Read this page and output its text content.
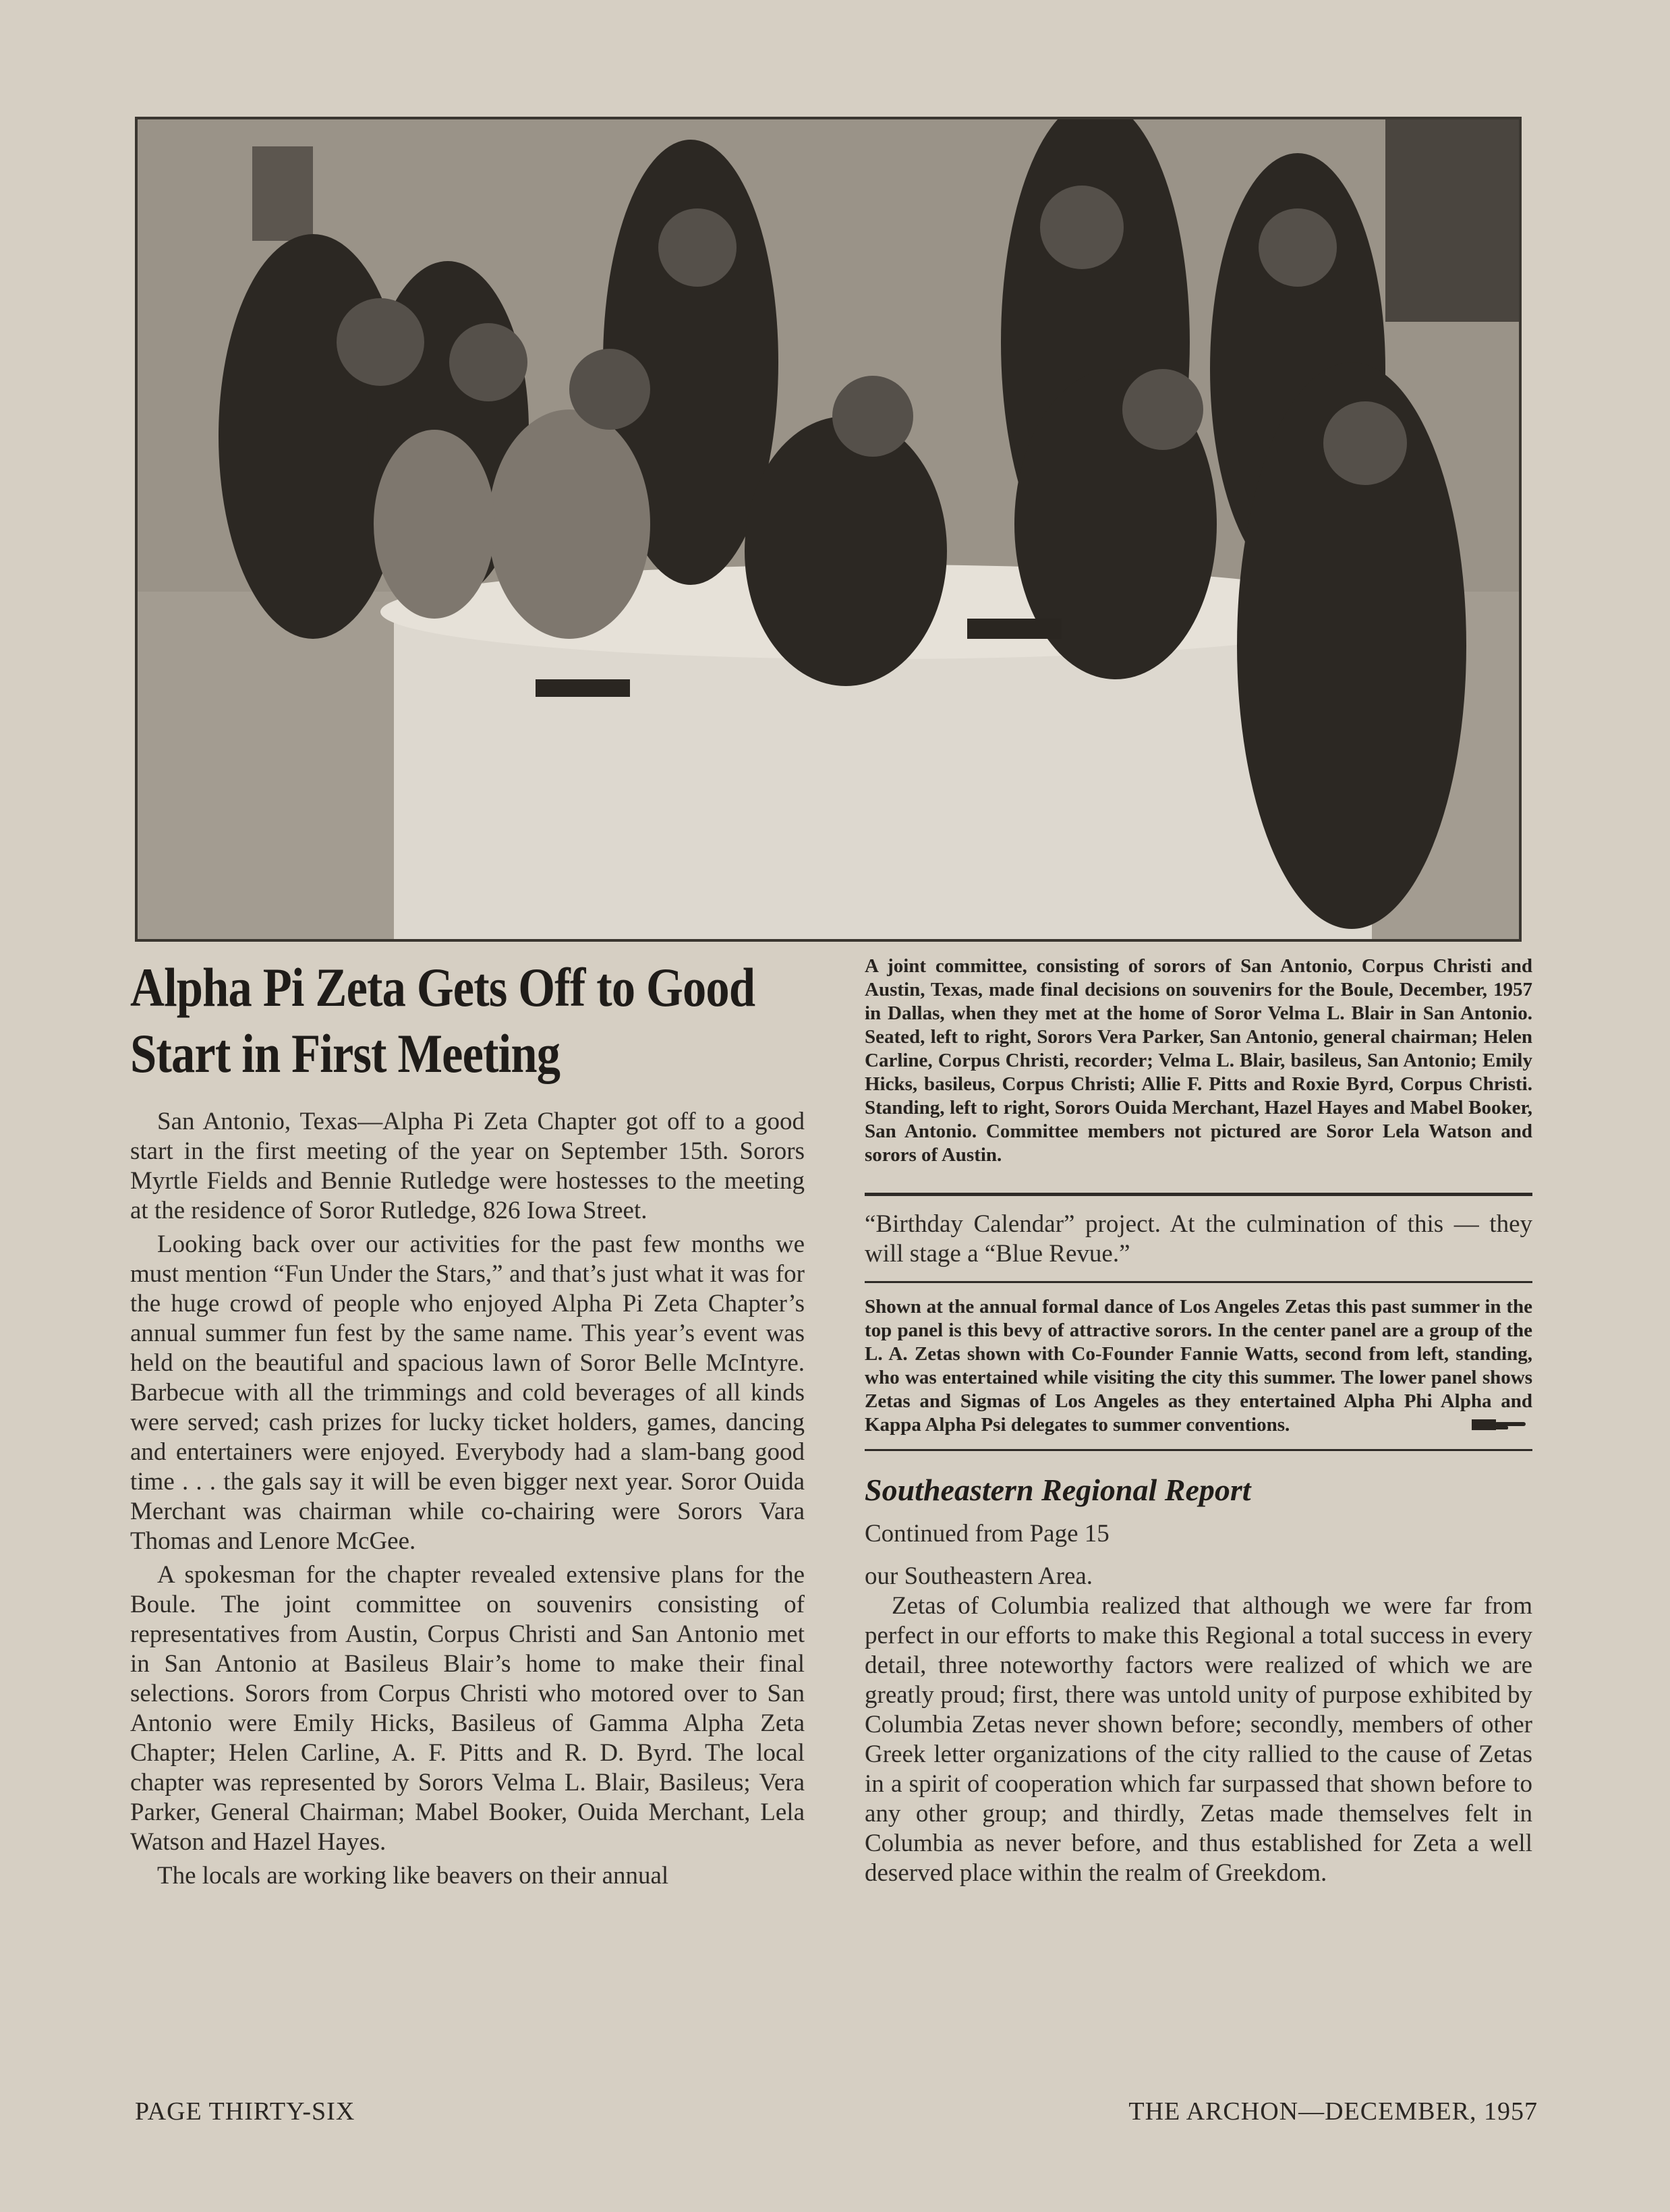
Alpha Pi Zeta Gets Off to Good Start in First Meeting

San Antonio, Texas—Alpha Pi Zeta Chapter got off to a good start in the first meeting of the year on September 15th. Sorors Myrtle Fields and Bennie Rutledge were hostesses to the meeting at the residence of Soror Rutledge, 826 Iowa Street.

Looking back over our activities for the past few months we must mention “Fun Under the Stars,” and that’s just what it was for the huge crowd of people who enjoyed Alpha Pi Zeta Chapter’s annual summer fun fest by the same name. This year’s event was held on the beautiful and spacious lawn of Soror Belle McIntyre. Barbecue with all the trimmings and cold beverages of all kinds were served; cash prizes for lucky ticket holders, games, dancing and entertainers were enjoyed. Everybody had a slam-bang good time . . . the gals say it will be even bigger next year. Soror Ouida Merchant was chairman while co-chairing were Sorors Vara Thomas and Lenore McGee.

A spokesman for the chapter revealed extensive plans for the Boule. The joint committee on souvenirs consisting of representatives from Austin, Corpus Christi and San Antonio met in San Antonio at Basileus Blair’s home to make their final selections. Sorors from Corpus Christi who motored over to San Antonio were Emily Hicks, Basileus of Gamma Alpha Zeta Chapter; Helen Carline, A. F. Pitts and R. D. Byrd. The local chapter was represented by Sorors Velma L. Blair, Basileus; Vera Parker, General Chairman; Mabel Booker, Ouida Merchant, Lela Watson and Hazel Hayes.

The locals are working like beavers on their annual

A joint committee, consisting of sorors of San Antonio, Corpus Christi and Austin, Texas, made final decisions on souvenirs for the Boule, December, 1957 in Dallas, when they met at the home of Soror Velma L. Blair in San Antonio. Seated, left to right, Sorors Vera Parker, San Antonio, general chairman; Helen Carline, Corpus Christi, recorder; Velma L. Blair, basileus, San Antonio; Emily Hicks, basileus, Corpus Christi; Allie F. Pitts and Roxie Byrd, Corpus Christi. Standing, left to right, Sorors Ouida Merchant, Hazel Hayes and Mabel Booker, San Antonio. Committee members not pictured are Soror Lela Watson and sorors of Austin.

“Birthday Calendar” project. At the culmination of this — they will stage a “Blue Revue.”

Shown at the annual formal dance of Los Angeles Zetas this past summer in the top panel is this bevy of attractive sorors. In the center panel are a group of the L. A. Zetas shown with Co-Founder Fannie Watts, second from left, standing, who was entertained while visiting the city this summer. The lower panel shows Zetas and Sigmas of Los Angeles as they entertained Alpha Phi Alpha and Kappa Alpha Psi delegates to summer conventions.

Southeastern Regional Report

Continued from Page 15

our Southeastern Area.

Zetas of Columbia realized that although we were far from perfect in our efforts to make this Regional a total success in every detail, three noteworthy factors were realized of which we are greatly proud; first, there was untold unity of purpose exhibited by Columbia Zetas never shown before; secondly, members of other Greek letter organizations of the city rallied to the cause of Zetas in a spirit of cooperation which far surpassed that shown before to any other group; and thirdly, Zetas made themselves felt in Columbia as never before, and thus established for Zeta a well deserved place within the realm of Greekdom.

PAGE THIRTY-SIX	THE ARCHON—DECEMBER, 1957
